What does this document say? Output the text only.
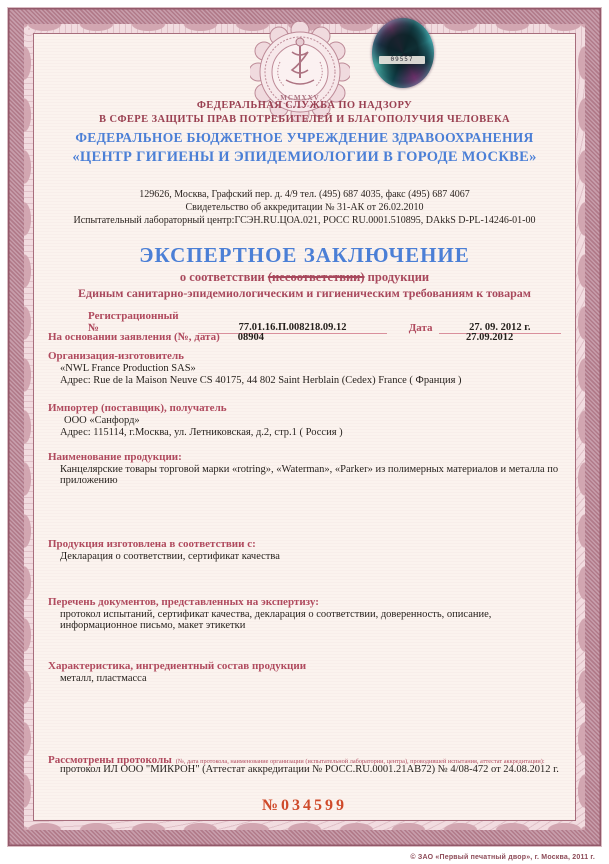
MCMXXV
09557
ФЕДЕРАЛЬНАЯ СЛУЖБА ПО НАДЗОРУ
В СФЕРЕ ЗАЩИТЫ ПРАВ ПОТРЕБИТЕЛЕЙ И БЛАГОПОЛУЧИЯ ЧЕЛОВЕКА
ФЕДЕРАЛЬНОЕ БЮДЖЕТНОЕ УЧРЕЖДЕНИЕ ЗДРАВООХРАНЕНИЯ
«ЦЕНТР ГИГИЕНЫ И ЭПИДЕМИОЛОГИИ В ГОРОДЕ МОСКВЕ»
129626, Москва, Графский пер. д. 4/9 тел. (495) 687 4035, факс (495) 687 4067
Свидетельство об аккредитации № 31-АК от 26.02.2010
Испытательный лабораторный центр:ГСЭН.RU.ЦОА.021, РОСС RU.0001.510895, DAkkS D-PL-14246-01-00
ЭКСПЕРТНОЕ ЗАКЛЮЧЕНИЕ
о соответствии (несоответствии) продукции
Единым санитарно-эпидемиологическим и гигиеническим требованиям к товарам
Регистрационный №	77.01.16.П.008218.09.12	Дата	27. 09. 2012 г.
На основании заявления (№, дата) 08904	27.09.2012
Организация-изготовитель
«NWL France Production SAS»
Адрес: Rue de la Maison Neuve CS 40175, 44 802 Saint Herblain (Cedex) France ( Франция )
Импортер (поставщик), получатель
ООО «Санфорд»
Адрес: 115114, г.Москва, ул. Летниковская, д.2, стр.1 ( Россия )
Наименование продукции:
Канцелярские товары торговой марки «rotring», «Waterman», «Parker» из полимерных материалов и металла по приложению
Продукция изготовлена в соответствии с:
Декларация о соответствии, сертификат качества
Перечень документов, представленных на экспертизу:
протокол испытаний, сертификат качества, декларация о соответствии, доверенность, описание, информационное письмо, макет этикетки
Характеристика, ингредиентный состав продукции
металл, пластмасса
Рассмотрены протоколы (№, дата протокола, наименование организации (испытательной лаборатории, центра), проводившей испытания, аттестат аккредитации):
протокол ИЛ ООО "МИКРОН" (Аттестат аккредитации № РОСС.RU.0001.21АВ72) № 4/08-472 от 24.08.2012 г.
№034599
© ЗАО «Первый печатный двор», г. Москва, 2011 г.
